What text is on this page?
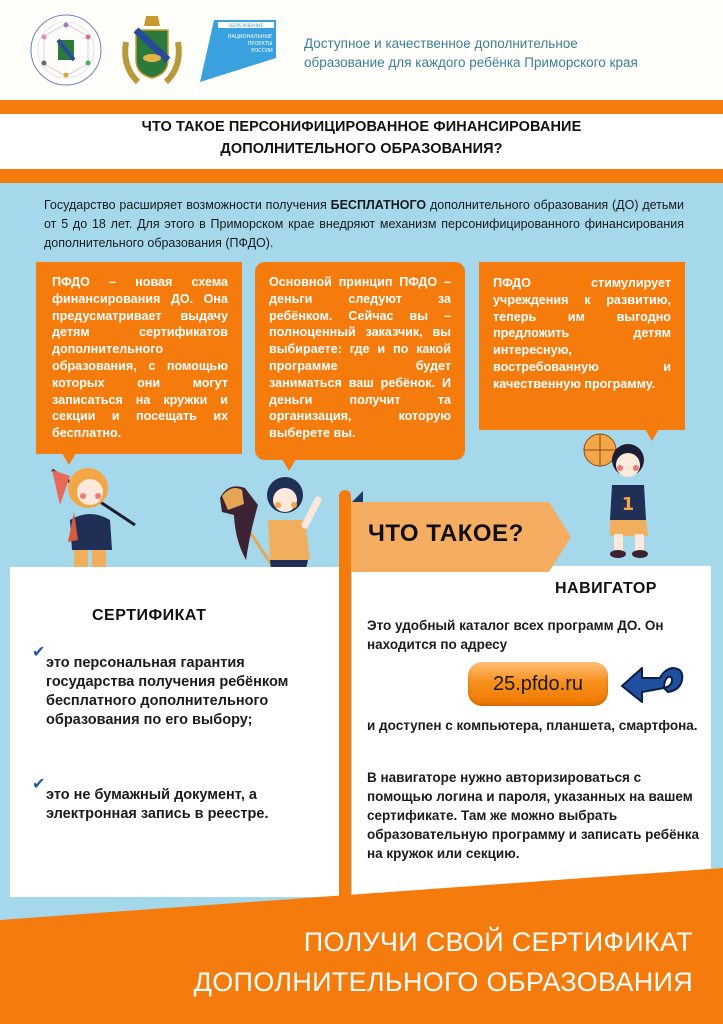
ОБРАЗОВАНИЕ
НАЦИОНАЛЬНЫЕ
ПРОЕКТЫ
РОССИИ Доступное и качественное дополнительное
образование для каждого ребёнка Приморского края
ЧТО ТАКОЕ ПЕРСОНИФИЦИРОВАННОЕ ФИНАНСИРОВАНИЕ
ДОПОЛНИТЕЛЬНОГО ОБРАЗОВАНИЯ?

Государство расширяет возможности получения БЕСПЛАТНОГО дополнительного образования (ДО) детьми от 5 до 18 лет. Для этого в Приморском крае внедряют механизм персонифицированного финансирования дополнительного образования (ПФДО).

ПФДО – новая схема финансирования ДО. Она предусматривает выдачу детям сертификатов дополнительного образования, с помощью которых они могут записаться на кружки и секции и посещать их бесплатно.
Основной принцип ПФДО – деньги следуют за ребёнком. Сейчас вы – полноценный заказчик, вы выбираете: где и по какой программе будет заниматься ваш ребёнок. И деньги получит та организация, которую выберете вы.
ПФДО стимулирует учреждения к развитию, теперь им выгодно предложить детям интересную, востребованную и качественную программу.
1
ЧТО ТАКОЕ?
СЕРТИФИКАТ
✔
это персональная гарантия государства получения ребёнком бесплатного дополнительного образования по его выбору;
✔
это не бумажный документ, а электронная запись в реестре.
НАВИГАТОР
Это удобный каталог всех программ ДО. Он находится по адресу
25.pfdo.ru
и доступен с компьютера, планшета, смартфона.
В навигаторе нужно авторизироваться с помощью логина и пароля, указанных на вашем сертификате. Там же можно выбрать образовательную программу и записать ребёнка на кружок или секцию.
ПОЛУЧИ СВОЙ СЕРТИФИКАТ
ДОПОЛНИТЕЛЬНОГО ОБРАЗОВАНИЯ
